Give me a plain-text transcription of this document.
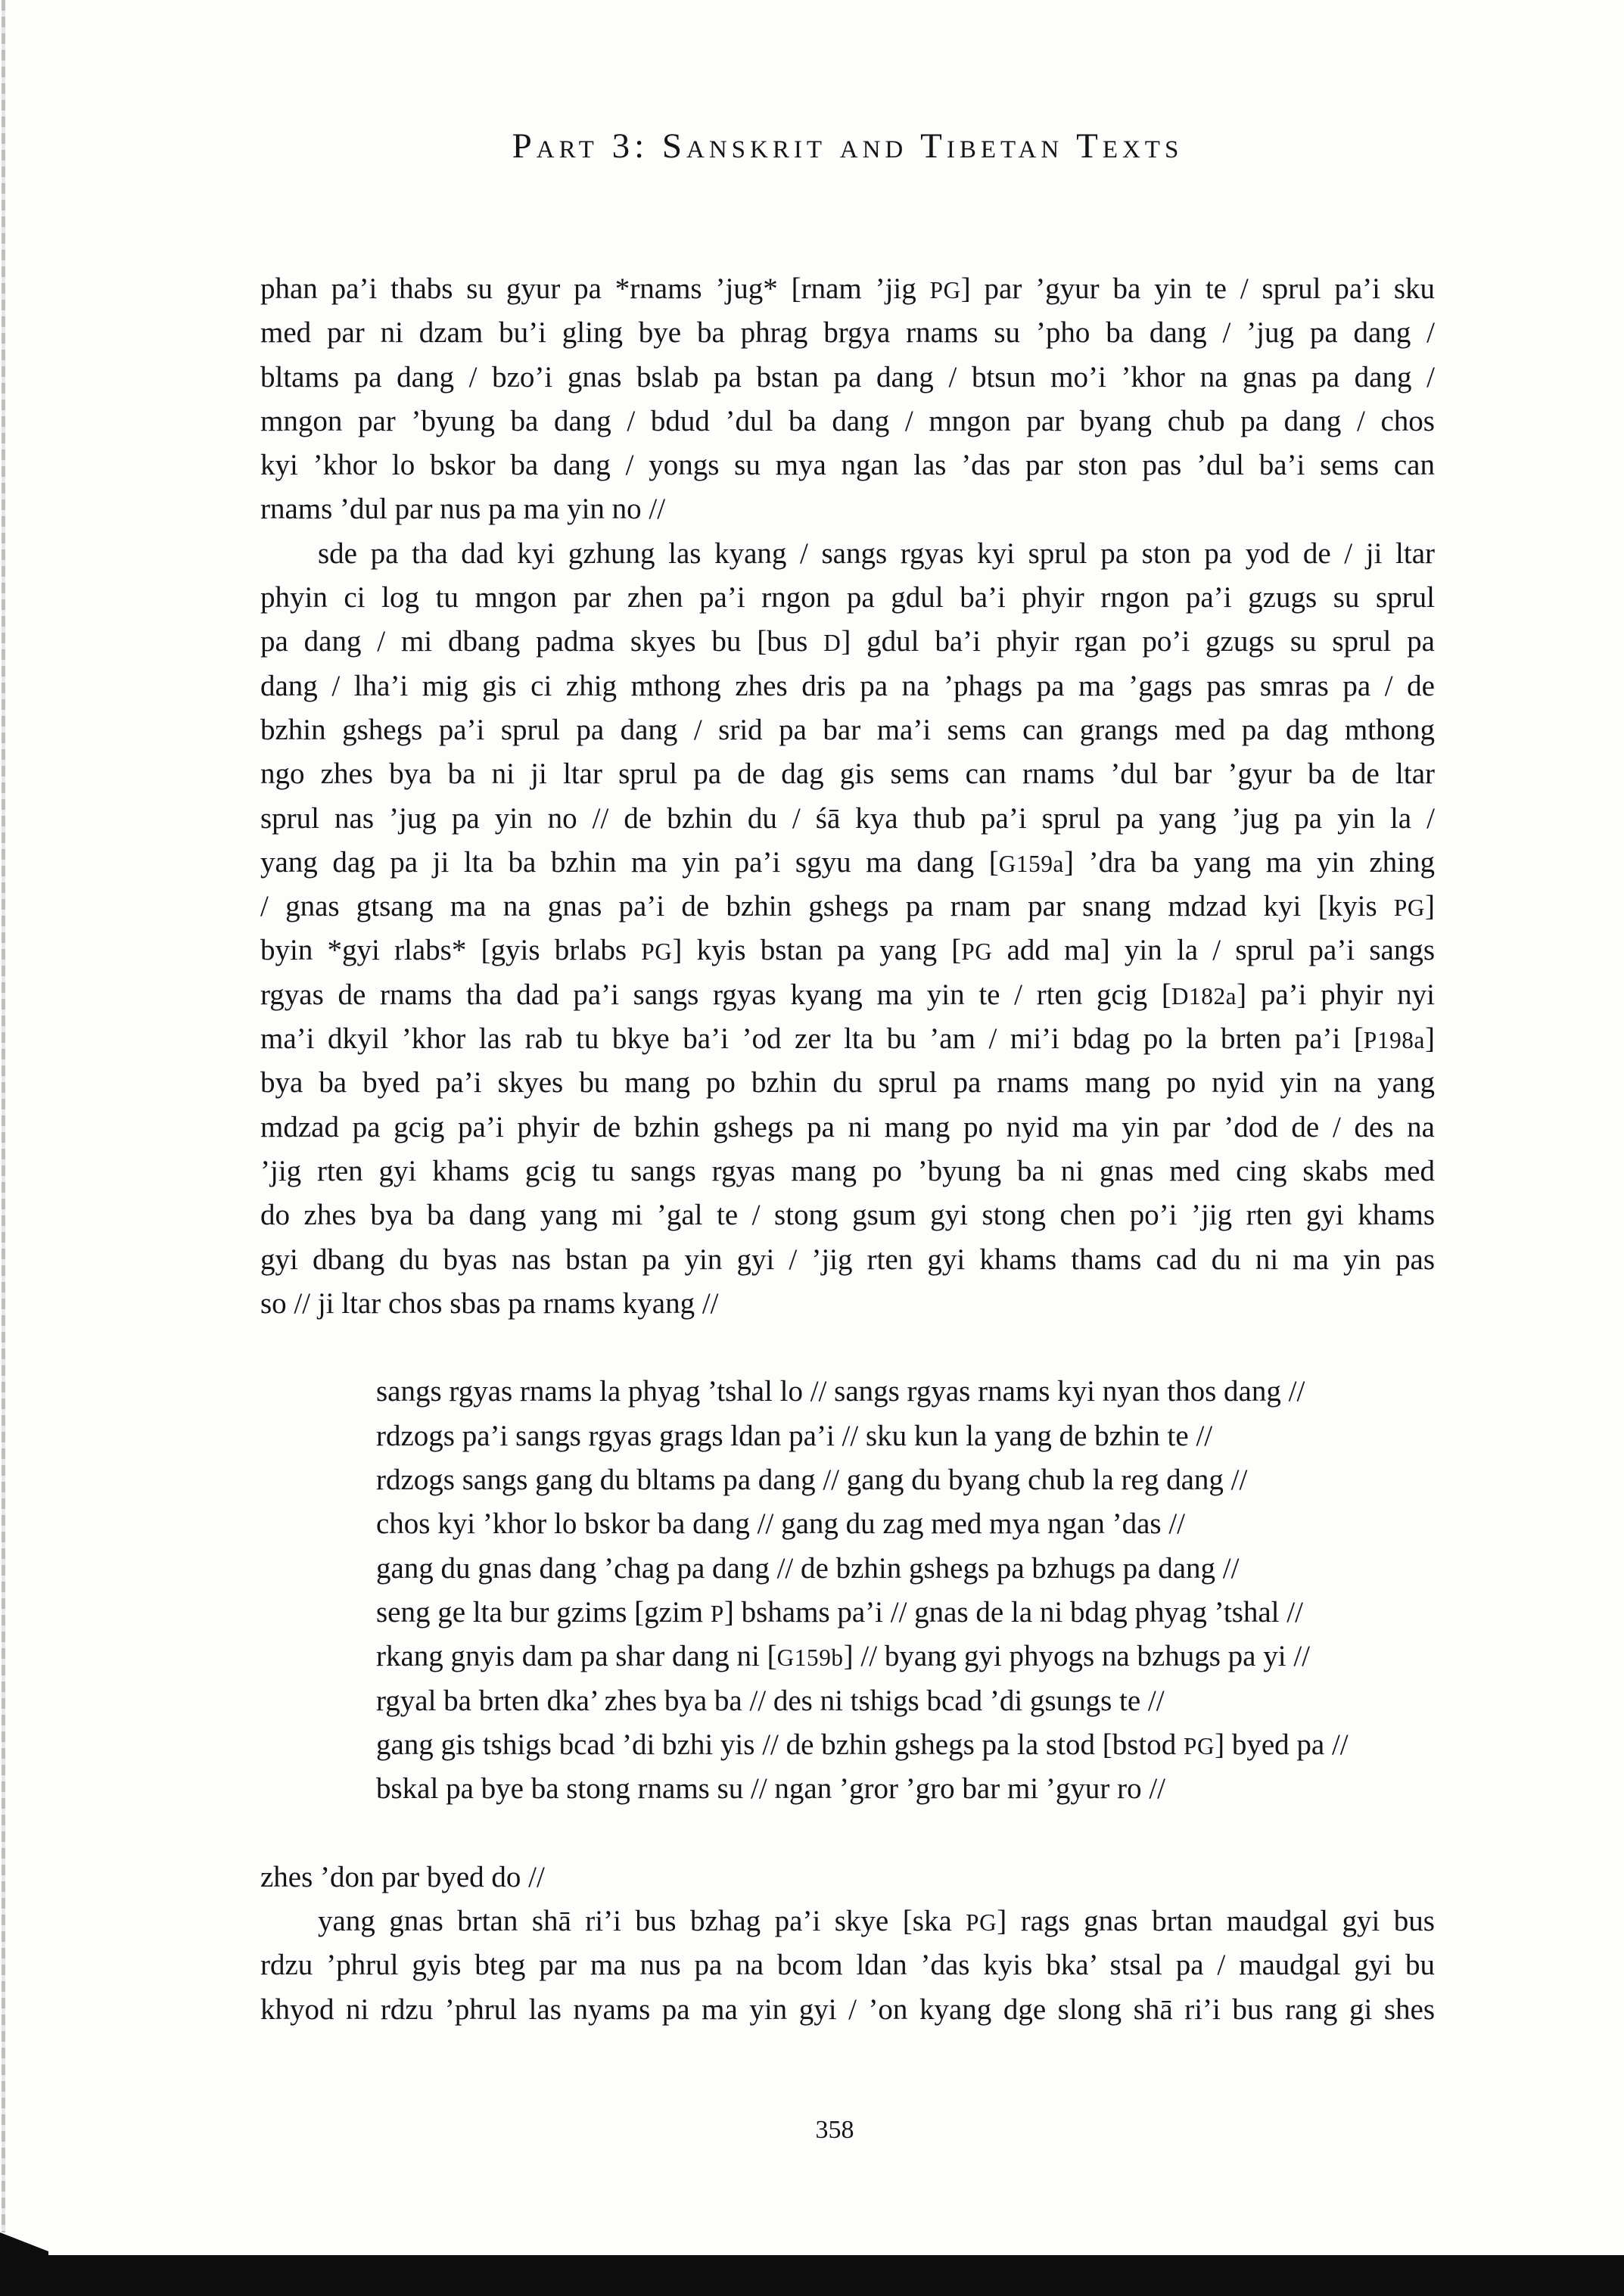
Part 3: Sanskrit and Tibetan Texts
phan pa’i thabs su gyur pa *rnams ’jug* [rnam ’jig PG] par ’gyur ba yin te / sprul pa’i sku
med par ni dzam bu’i gling bye ba phrag brgya rnams su ’pho ba dang / ’jug pa dang /
bltams pa dang / bzo’i gnas bslab pa bstan pa dang / btsun mo’i ’khor na gnas pa dang /
mngon par ’byung ba dang / bdud ’dul ba dang / mngon par byang chub pa dang / chos
kyi ’khor lo bskor ba dang / yongs su mya ngan las ’das par ston pas ’dul ba’i sems can
rnams ’dul par nus pa ma yin no //
sde pa tha dad kyi gzhung las kyang / sangs rgyas kyi sprul pa ston pa yod de / ji ltar
phyin ci log tu mngon par zhen pa’i rngon pa gdul ba’i phyir rngon pa’i gzugs su sprul
pa dang / mi dbang padma skyes bu [bus D] gdul ba’i phyir rgan po’i gzugs su sprul pa
dang / lha’i mig gis ci zhig mthong zhes dris pa na ’phags pa ma ’gags pas smras pa / de
bzhin gshegs pa’i sprul pa dang / srid pa bar ma’i sems can grangs med pa dag mthong
ngo zhes bya ba ni ji ltar sprul pa de dag gis sems can rnams ’dul bar ’gyur ba de ltar
sprul nas ’jug pa yin no // de bzhin du / śā kya thub pa’i sprul pa yang ’jug pa yin la /
yang dag pa ji lta ba bzhin ma yin pa’i sgyu ma dang [G159a] ’dra ba yang ma yin zhing
/ gnas gtsang ma na gnas pa’i de bzhin gshegs pa rnam par snang mdzad kyi [kyis PG]
byin *gyi rlabs* [gyis brlabs PG] kyis bstan pa yang [PG add ma] yin la / sprul pa’i sangs
rgyas de rnams tha dad pa’i sangs rgyas kyang ma yin te / rten gcig [D182a] pa’i phyir nyi
ma’i dkyil ’khor las rab tu bkye ba’i ’od zer lta bu ’am / mi’i bdag po la brten pa’i [P198a]
bya ba byed pa’i skyes bu mang po bzhin du sprul pa rnams mang po nyid yin na yang
mdzad pa gcig pa’i phyir de bzhin gshegs pa ni mang po nyid ma yin par ’dod de / des na
’jig rten gyi khams gcig tu sangs rgyas mang po ’byung ba ni gnas med cing skabs med
do zhes bya ba dang yang mi ’gal te / stong gsum gyi stong chen po’i ’jig rten gyi khams
gyi dbang du byas nas bstan pa yin gyi / ’jig rten gyi khams thams cad du ni ma yin pas
so // ji ltar chos sbas pa rnams kyang //
sangs rgyas rnams la phyag ’tshal lo // sangs rgyas rnams kyi nyan thos dang //
rdzogs pa’i sangs rgyas grags ldan pa’i // sku kun la yang de bzhin te //
rdzogs sangs gang du bltams pa dang // gang du byang chub la reg dang //
chos kyi ’khor lo bskor ba dang // gang du zag med mya ngan ’das //
gang du gnas dang ’chag pa dang // de bzhin gshegs pa bzhugs pa dang //
seng ge lta bur gzims [gzim P] bshams pa’i // gnas de la ni bdag phyag ’tshal //
rkang gnyis dam pa shar dang ni [G159b] // byang gyi phyogs na bzhugs pa yi //
rgyal ba brten dka’ zhes bya ba // des ni tshigs bcad ’di gsungs te //
gang gis tshigs bcad ’di bzhi yis // de bzhin gshegs pa la stod [bstod PG] byed pa //
bskal pa bye ba stong rnams su // ngan ’gror ’gro bar mi ’gyur ro //
zhes ’don par byed do //
yang gnas brtan shā ri’i bus bzhag pa’i skye [ska PG] rags gnas brtan maudgal gyi bus
rdzu ’phrul gyis bteg par ma nus pa na bcom ldan ’das kyis bka’ stsal pa / maudgal gyi bu
khyod ni rdzu ’phrul las nyams pa ma yin gyi / ’on kyang dge slong shā ri’i bus rang gi shes
358
